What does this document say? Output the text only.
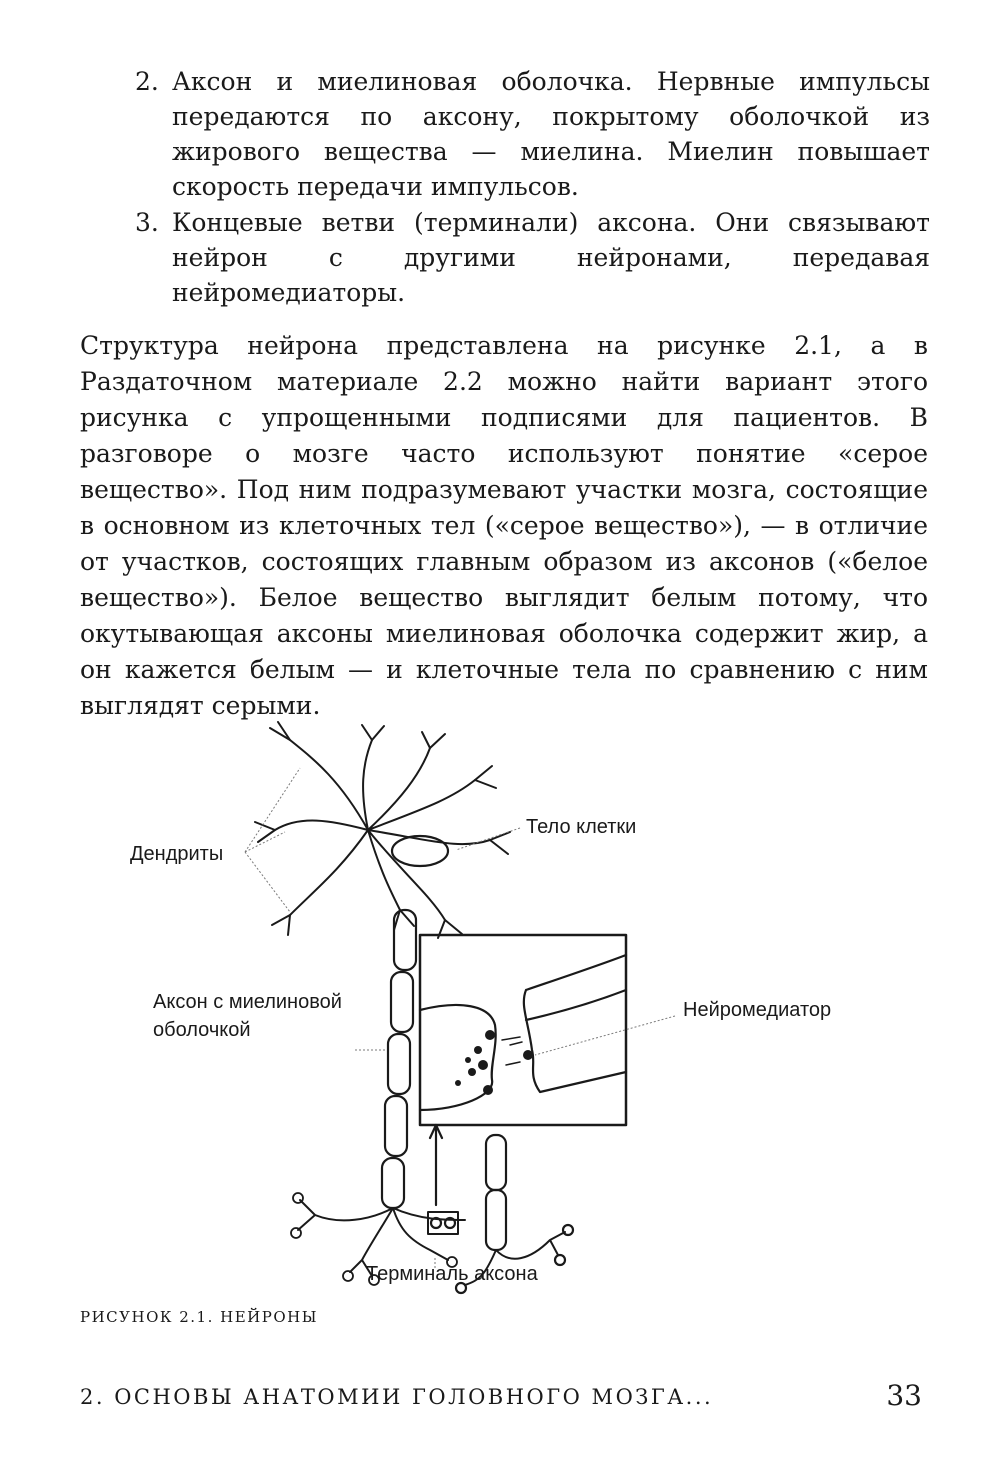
2. Аксон и миелиновая оболочка. Нервные импульсы передаются по аксону, покрытому оболочкой из жирового вещества — миелина. Миелин повышает скорость передачи импульсов.
3. Концевые ветви (терминали) аксона. Они связывают нейрон с другими нейронами, передавая нейромедиаторы.

Структура нейрона представлена на рисунке 2.1, а в Раздаточном материале 2.2 можно найти вариант этого рисунка с упрощенными подписями для пациентов. В разговоре о мозге часто используют понятие «серое вещество». Под ним подразумевают участки мозга, состоящие в основном из клеточных тел («серое вещество»), — в отличие от участков, состоящих главным образом из аксонов («белое вещество»). Белое вещество выглядит белым потому, что окутывающая аксоны миелиновая оболочка содержит жир, а он кажется белым — и клеточные тела по сравнению с ним выглядят серыми.

Дендриты
Тело клетки
Аксон с миелиновой
оболочкой
Нейромедиатор
Терминаль аксона

РИСУНОК 2.1. НЕЙРОНЫ

2. ОСНОВЫ АНАТОМИИ ГОЛОВНОГО МОЗГА...	33
